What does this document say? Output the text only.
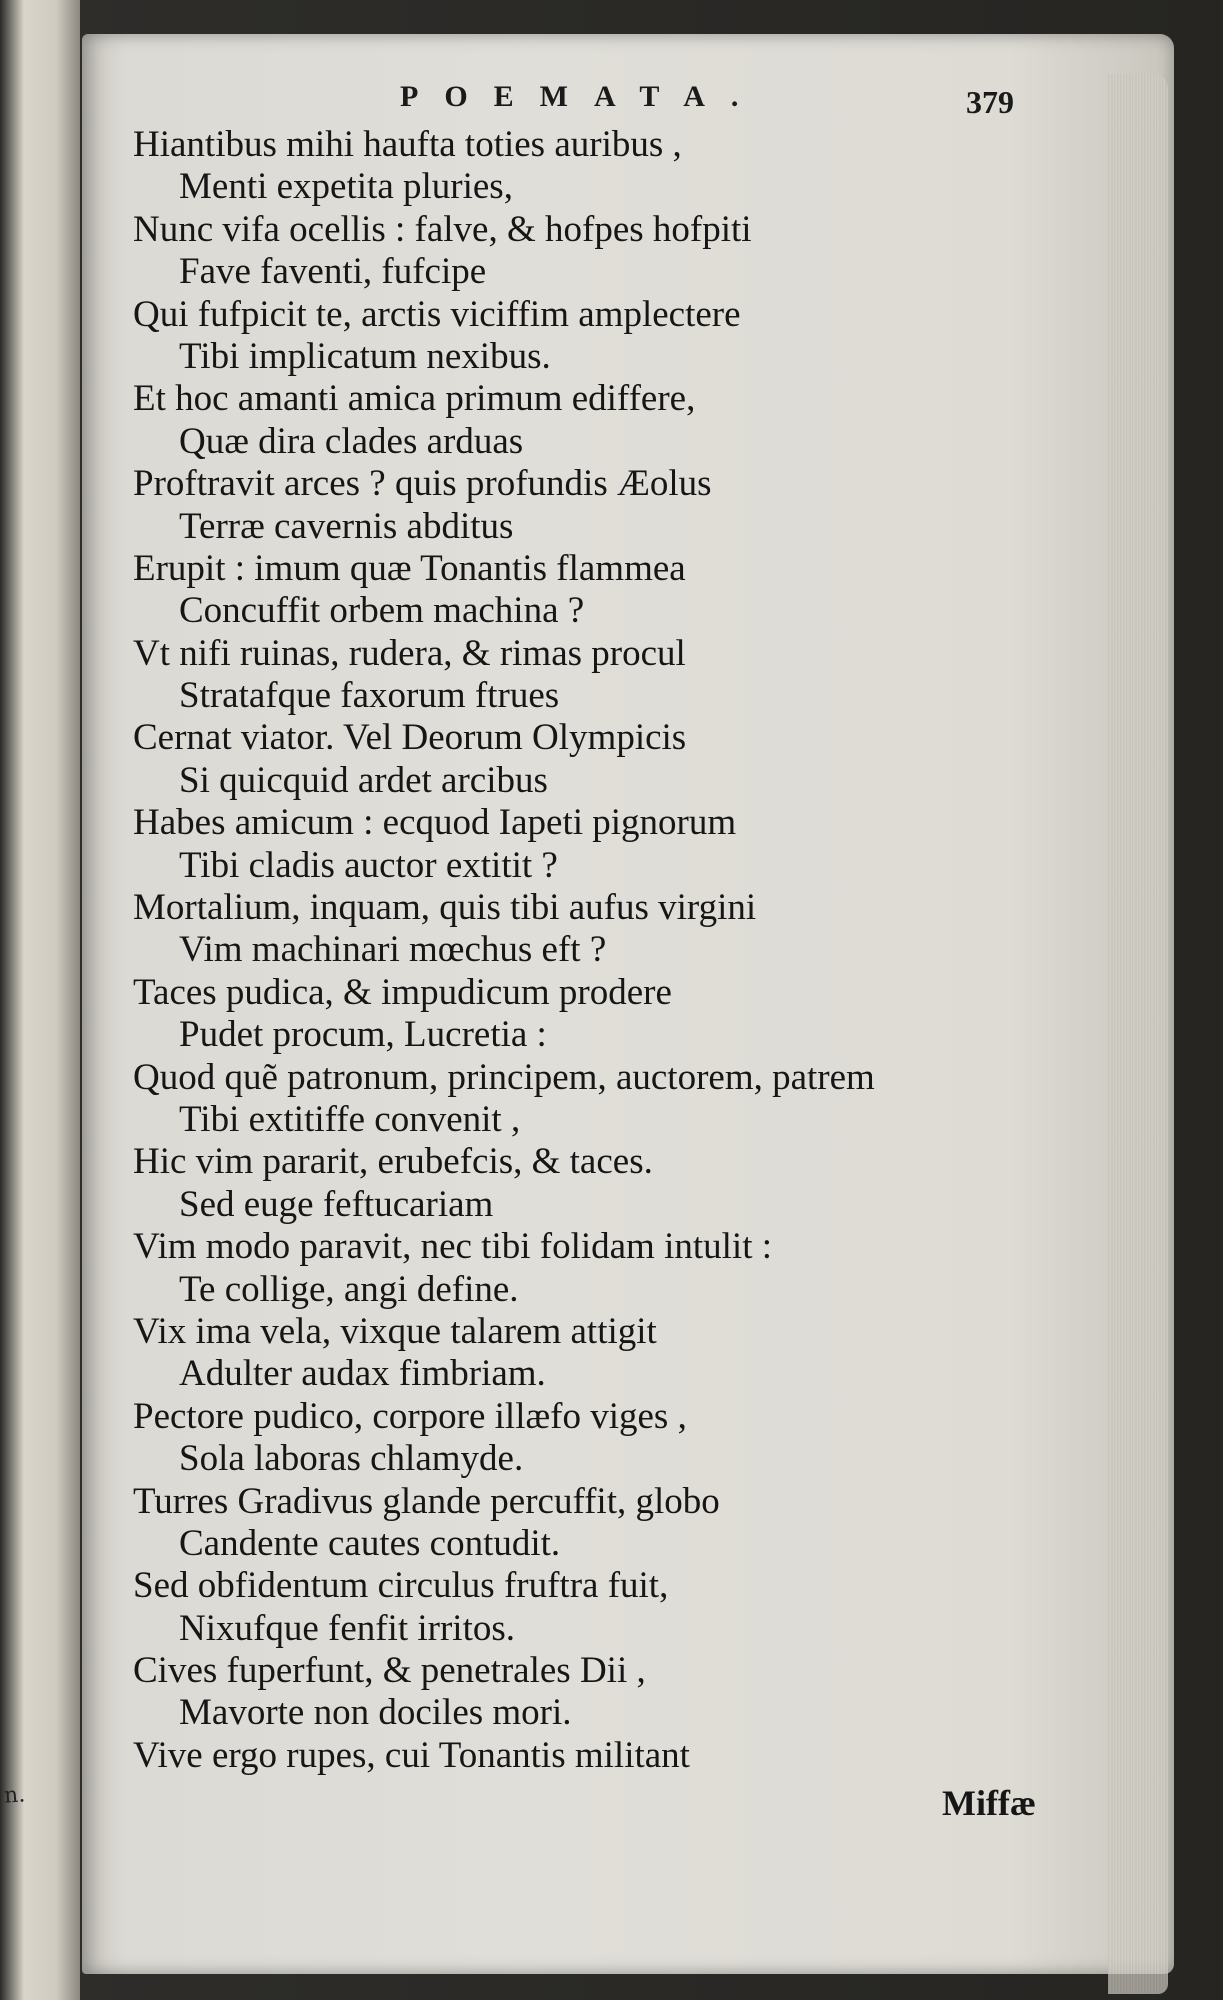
n.
POEMATA.	379
Hiantibus mihi haufta toties auribus ,
Menti expetita pluries,
Nunc vifa ocellis : falve, & hofpes hofpiti
Fave faventi, fufcipe
Qui fufpicit te, arctis viciffim amplectere
Tibi implicatum nexibus.
Et hoc amanti amica primum ediffere,
Quæ dira clades arduas
Proftravit arces ? quis profundis Æolus
Terræ cavernis abditus
Erupit : imum quæ Tonantis flammea
Concuffit orbem machina ?
Vt nifi ruinas, rudera, & rimas procul
Stratafque faxorum ftrues
Cernat viator. Vel Deorum Olympicis
Si quicquid ardet arcibus
Habes amicum : ecquod Iapeti pignorum
Tibi cladis auctor extitit ?
Mortalium, inquam, quis tibi aufus virgini
Vim machinari mœchus eft ?
Taces pudica, & impudicum prodere
Pudet procum, Lucretia :
Quod quẽ patronum, principem, auctorem, patrem
Tibi extitiffe convenit ,
Hic vim pararit, erubefcis, & taces.
Sed euge feftucariam
Vim modo paravit, nec tibi folidam intulit :
Te collige, angi define.
Vix ima vela, vixque talarem attigit
Adulter audax fimbriam.
Pectore pudico, corpore illæfo viges ,
Sola laboras chlamyde.
Turres Gradivus glande percuffit, globo
Candente cautes contudit.
Sed obfidentum circulus fruftra fuit,
Nixufque fenfit irritos.
Cives fuperfunt, & penetrales Dii ,
Mavorte non dociles mori.
Vive ergo rupes, cui Tonantis militant
Miffæ
